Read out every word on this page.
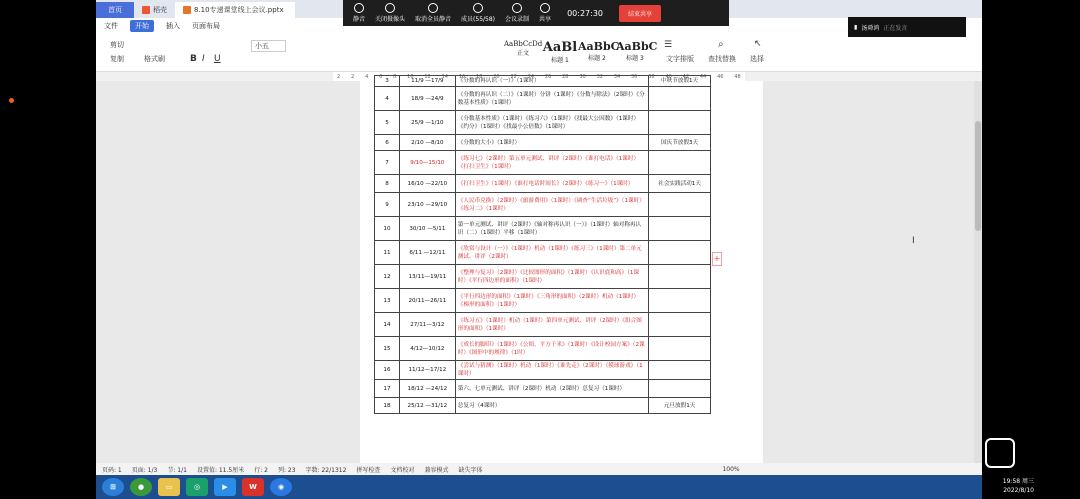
首页	稻壳	8.10专递课堂线上会议.pptx
文件	开始	插入 页面布局
剪切
复制	格式刷
小五
B I U
☰
文字排版
⌕
查找替换
↖
选择
AaBbCcDd
正文	AaBl
标题 1
AaBbC
标题 2
AaBbC
标题 3
2 2 4 6 8 10 12 14 16 18 20 22 24 26 28 30 32 34 36 38 40 42 44 46 48
3	11/9 —17/9	《分数的再认识（一）》（1课时）	中秋节放假1天
4	18/9 —24/9	《分数的再认识（二）》（1课时）分饼（1课时）《分数与除法》（2课时）《分数基本性质》（1课时）	
5	25/9 —1/10	《分数基本性质》（1课时）《练习六》（1课时）《找最大公因数》（1课时）《约分》（1课时）《找最小公倍数》（1课时）	
6	2/10 —8/10	《分数的大小》（1课时）	国庆节放假3天
7	9/10—15/10	《练习七》（2课时）第五单元测试、讲评（2课时）《谁打电话》（1课时）《打扫卫生》（1课时）	
8	16/10 —22/10	《打扫卫生》（1课时）《谁打电话时间长》（2课时）《练习一》（1课时）	社会实践活动1天
9	23/10 —29/10	《人民币兑换》（2课时）《旅游费用》（1课时）《调查“生活垃圾”》（1课时）《练习二》（1课时）	
10	30/10 —5/11	第一单元测试、讲评（2课时）《轴对称再认识（一）》（1课时）轴对称再认识（二）（1课时）平移（1课时）	
11	6/11 —12/11	《欣赏与设计（一）》（1课时）机动（1课时）《练习三》（1课时）第二单元测试、讲评（2课时）	
12	13/11—19/11	《整理与复习》（2课时）《比较图形的面积》（1课时）《认识底和高》（1课时）《平行四边形的面积》（1课时）	
13	20/11—26/11	《平行四边形的面积》（1课时）《三角形的面积》（2课时）机动（1课时）《梯形的面积》（1课时）	
14	27/11—3/12	《练习五》（1课时）机动（1课时）第四单元测试、讲评（2课时）《组合图形的面积》（1课时）	
15	4/12—10/12	《成长的脚印》（1课时）《公顷、平方千米》（1课时）《设计校园方案》（2课时）《图形中的规律》（1时）	
16	11/12—17/12	《尝试与猜测》（1课时）机动（1课时）《谁先走》（2课时）《摸球游戏》（1课时）	
17	18/12 —24/12	第六、七单元测试、讲评（2课时）机动（2课时）总复习（1课时）	
18	25/12 —31/12	总复习（4课时）	元旦放假1天
页码: 1 页面: 1/3 节: 1/1 设置值: 11.5厘米 行: 2 列: 23 字数: 22/1312 拼写检查 文档校对 兼容模式 缺失字体	100%
⊞	●	▭	◎	▶	W	◉
静音 关闭摄像头 取消全员静音 成员(55/58) 会议录制 共享
00:27:30	结束共享
▮ 汤舜鸿 正在发言
+
I
19:58 周三
2022/8/10
